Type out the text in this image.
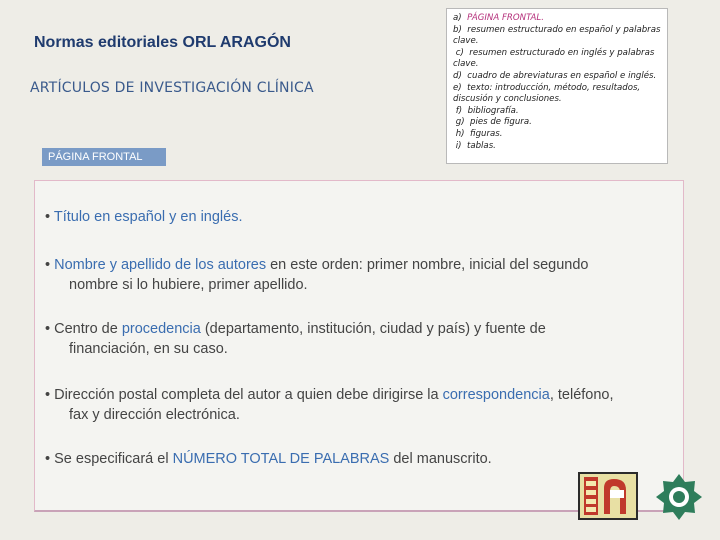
Normas editoriales ORL ARAGÓN
ARTÍCULOS DE INVESTIGACIÓN CLÍNICA
PÁGINA FRONTAL
a) PÁGINA FRONTAL.
b) resumen estructurado en español y palabras clave.
c) resumen estructurado en inglés y palabras clave.
d) cuadro de abreviaturas en español e inglés.
e) texto: introducción, método, resultados, discusión y conclusiones.
f) bibliografía.
g) pies de figura.
h) figuras.
i) tablas.
• Título en español y en inglés.
• Nombre y apellido de los autores en este orden: primer nombre, inicial del segundo
nombre si lo hubiere, primer apellido.
• Centro de procedencia (departamento, institución, ciudad y país) y fuente de
financiación, en su caso.
• Dirección postal completa del autor a quien debe dirigirse la correspondencia, teléfono,
fax y dirección electrónica.
• Se especificará el NÚMERO TOTAL DE PALABRAS del manuscrito.
